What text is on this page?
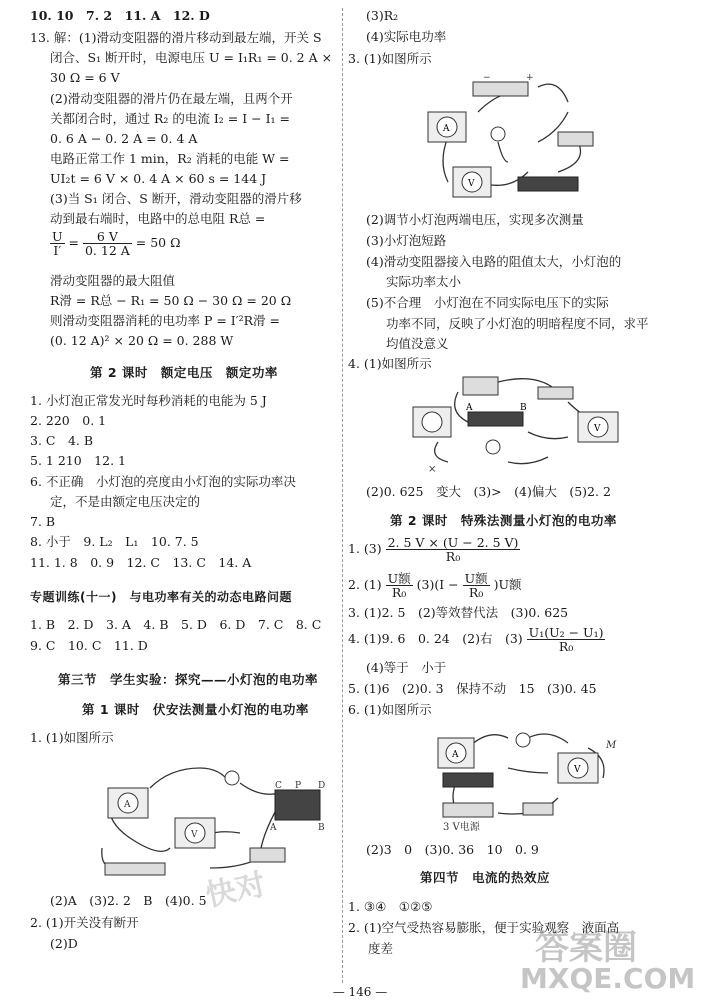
10. 10　7. 2　11. A　12. D
13. 解：(1)滑动变阻器的滑片移动到最左端，开关 S
闭合、S₁ 断开时，电源电压 U = I₁R₁ = 0. 2 A ×
30 Ω = 6 V
(2)滑动变阻器的滑片仍在最左端，且两个开
关都闭合时，通过 R₂ 的电流 I₂ = I − I₁ =
0. 6 A − 0. 2 A = 0. 4 A
电路正常工作 1 min，R₂ 消耗的电能 W =
UI₂t = 6 V × 0. 4 A × 60 s = 144 J
(3)当 S₁ 闭合、S 断开，滑动变阻器的滑片移
动到最右端时，电路中的总电阻 R总 =
$\frac{U}{I'} = \frac{6 V}{0. 12 A} = 50$ Ω
滑动变阻器的最大阻值
R滑 = R总 − R₁ = 50 Ω − 30 Ω = 20 Ω
则滑动变阻器消耗的电功率 P = I′²R滑 =
(0. 12 A)² × 20 Ω = 0. 288 W
第 2 课时　额定电压　额定功率
1. 小灯泡正常发光时每秒消耗的电能为 5 J
2. 220　0. 1
3. C　4. B
5. 1 210　12. 1
6. 不正确　小灯泡的亮度由小灯泡的实际功率决
定，不是由额定电压决定的
7. B
8. 小于　9. L₂　L₁　10. 7. 5
11. 1. 8　0. 9　12. C　13. C　14. A
专题训练(十一)　与电功率有关的动态电路问题
1. B　2. D　3. A　4. B　5. D　6. D　7. C　8. C
9. C　10. C　11. D
第三节　学生实验：探究——小灯泡的电功率
第 1 课时　伏安法测量小灯泡的电功率
1. (1)如图所示
A
V
C P D
A	B
(2)A　(3)2. 2　B　(4)0. 5
2. (1)开关没有断开
(2)D
(3)R₂
(4)实际电功率
3. (1)如图所示
−	+
A
V
(2)调节小灯泡两端电压，实现多次测量
(3)小灯泡短路
(4)滑动变阻器接入电路的阻值太大，小灯泡的
实际功率太小
(5)不合理　小灯泡在不同实际电压下的实际
功率不同，反映了小灯泡的明暗程度不同，求平
均值没意义
4. (1)如图所示
A	B
V
×
(2)0. 625　变大　(3)>　(4)偏大　(5)2. 2
第 2 课时　特殊法测量小灯泡的电功率
1. $(3) \frac{2. 5 V \times (U - 2. 5 V)}{\text{R₀}}$
2. $(1) \frac{\text{U额}}{\text{R₀}} (3)(I - \frac{\text{U额}}{\text{R₀}} )U$额
3. (1)2. 5　(2)等效替代法　(3)0. 625
4. (1)9. 6　0. 24　(2)右　$(3) \frac{\text{U₁(U₂ − U₁)}}{\text{R₀}}$
(4)等于　小于
5. (1)6　(2)0. 3　保持不动　15　(3)0. 45
6. (1)如图所示
A
V
M
3 V电源
(2)3　0　(3)0. 36　10　0. 9
第四节　电流的热效应
1. ③④　①②⑤
2. (1)空气受热容易膨胀，便于实验观察　液面高
度差
— 146 —
快对
答案圈
MXQE.COM
